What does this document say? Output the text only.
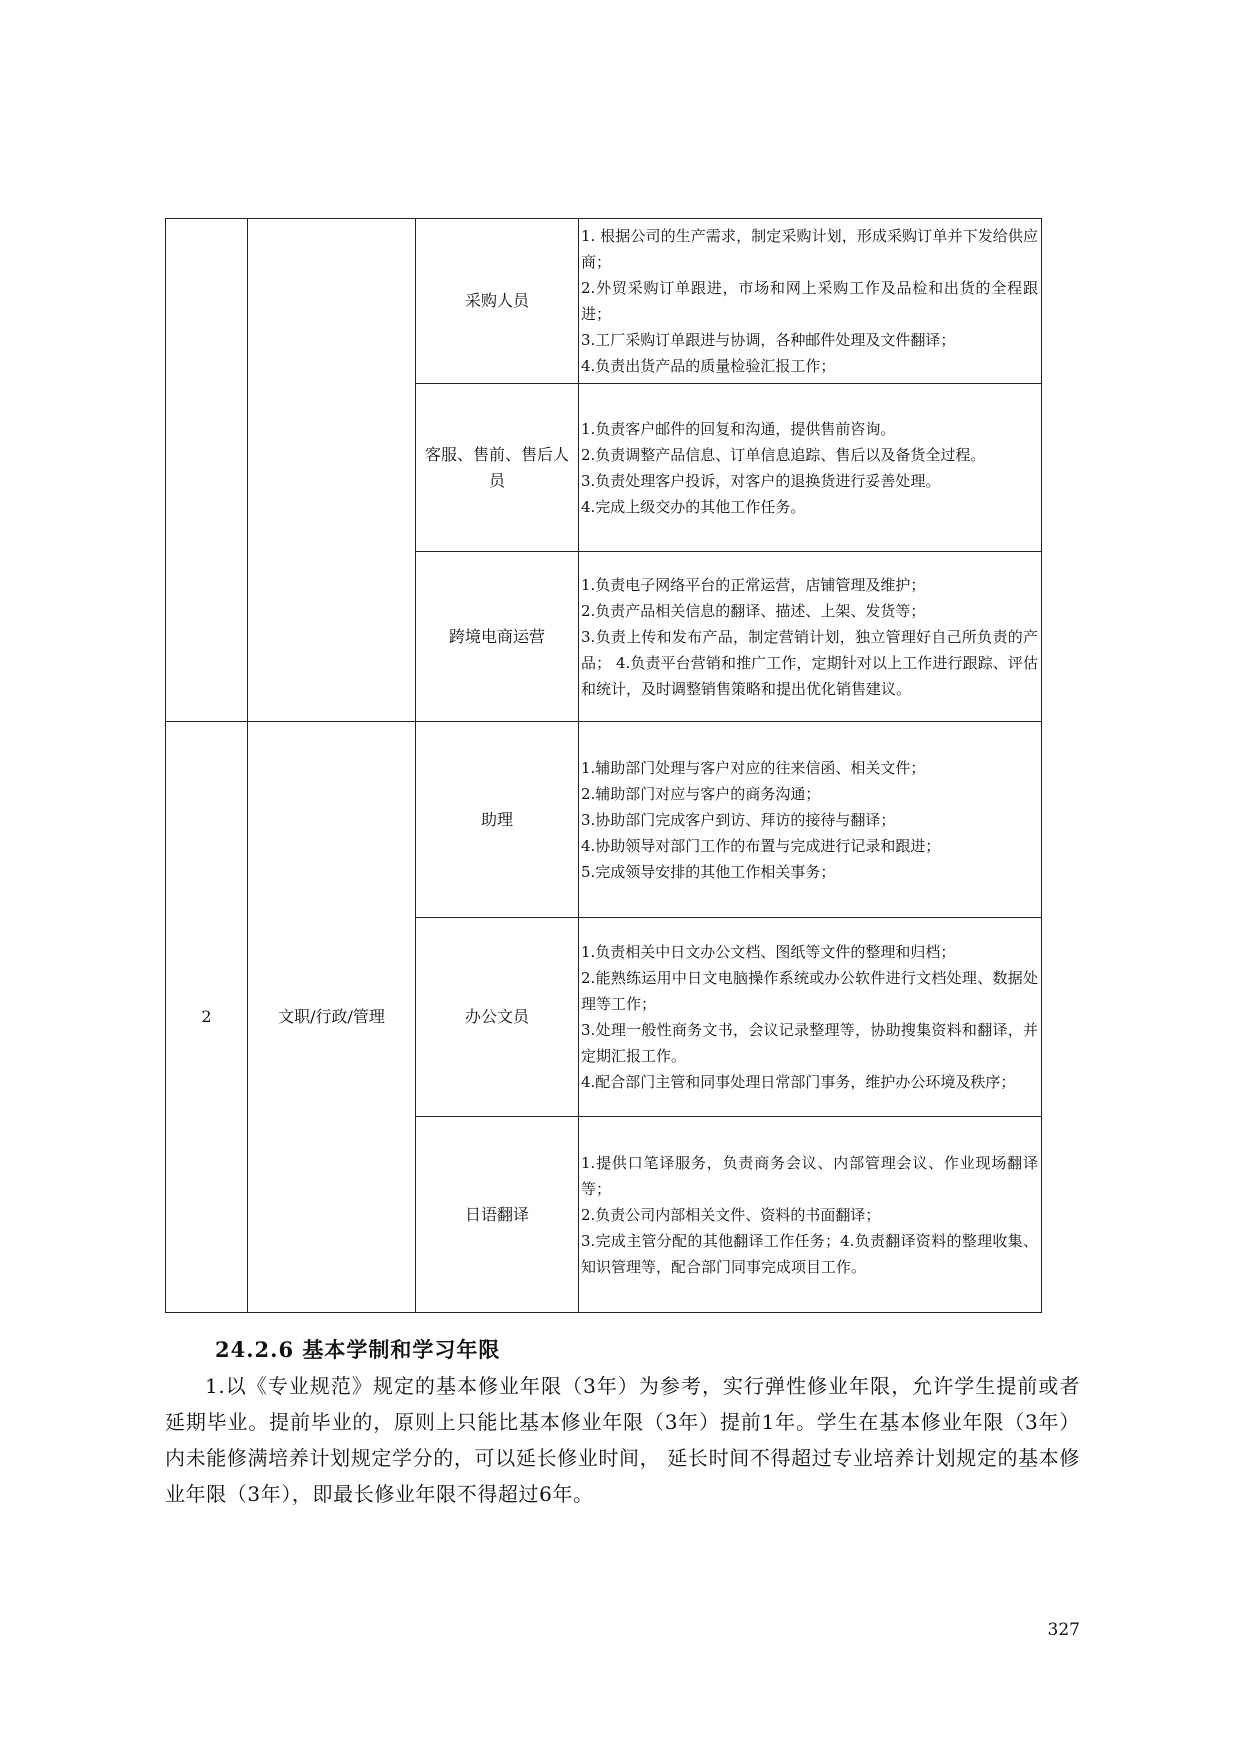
		采购人员	1. 根据公司的生产需求，制定采购计划，形成采购订单并下发给供应商；
2.外贸采购订单跟进，市场和网上采购工作及品检和出货的全程跟进；
3.工厂采购订单跟进与协调，各种邮件处理及文件翻译；
4.负责出货产品的质量检验汇报工作；

		客服、售前、售后人员	1.负责客户邮件的回复和沟通，提供售前咨询。
2.负责调整产品信息、订单信息追踪、售后以及备货全过程。
3.负责处理客户投诉，对客户的退换货进行妥善处理。
4.完成上级交办的其他工作任务。

		跨境电商运营	1.负责电子网络平台的正常运营，店铺管理及维护；
2.负责产品相关信息的翻译、描述、上架、发货等；
3.负责上传和发布产品，制定营销计划，独立管理好自己所负责的产品； 4.负责平台营销和推广工作，定期针对以上工作进行跟踪、评估和统计，及时调整销售策略和提出优化销售建议。

2	文职/行政/管理	助理	1.辅助部门处理与客户对应的往来信函、相关文件；
2.辅助部门对应与客户的商务沟通；
3.协助部门完成客户到访、拜访的接待与翻译；
4.协助领导对部门工作的布置与完成进行记录和跟进；
5.完成领导安排的其他工作相关事务；

		办公文员	1.负责相关中日文办公文档、图纸等文件的整理和归档；
2.能熟练运用中日文电脑操作系统或办公软件进行文档处理、数据处理等工作；
3.处理一般性商务文书，会议记录整理等，协助搜集资料和翻译，并定期汇报工作。
4.配合部门主管和同事处理日常部门事务，维护办公环境及秩序；

		日语翻译	1.提供口笔译服务，负责商务会议、内部管理会议、作业现场翻译等；
2.负责公司内部相关文件、资料的书面翻译；
3.完成主管分配的其他翻译工作任务；4.负责翻译资料的整理收集、知识管理等，配合部门同事完成项目工作。
24.2.6 基本学制和学习年限
1.以《专业规范》规定的基本修业年限（3年）为参考，实行弹性修业年限，允许学生提前或者延期毕业。提前毕业的，原则上只能比基本修业年限（3年）提前1年。学生在基本修业年限（3年）内未能修满培养计划规定学分的，可以延长修业时间， 延长时间不得超过专业培养计划规定的基本修业年限（3年），即最长修业年限不得超过6年。
327
